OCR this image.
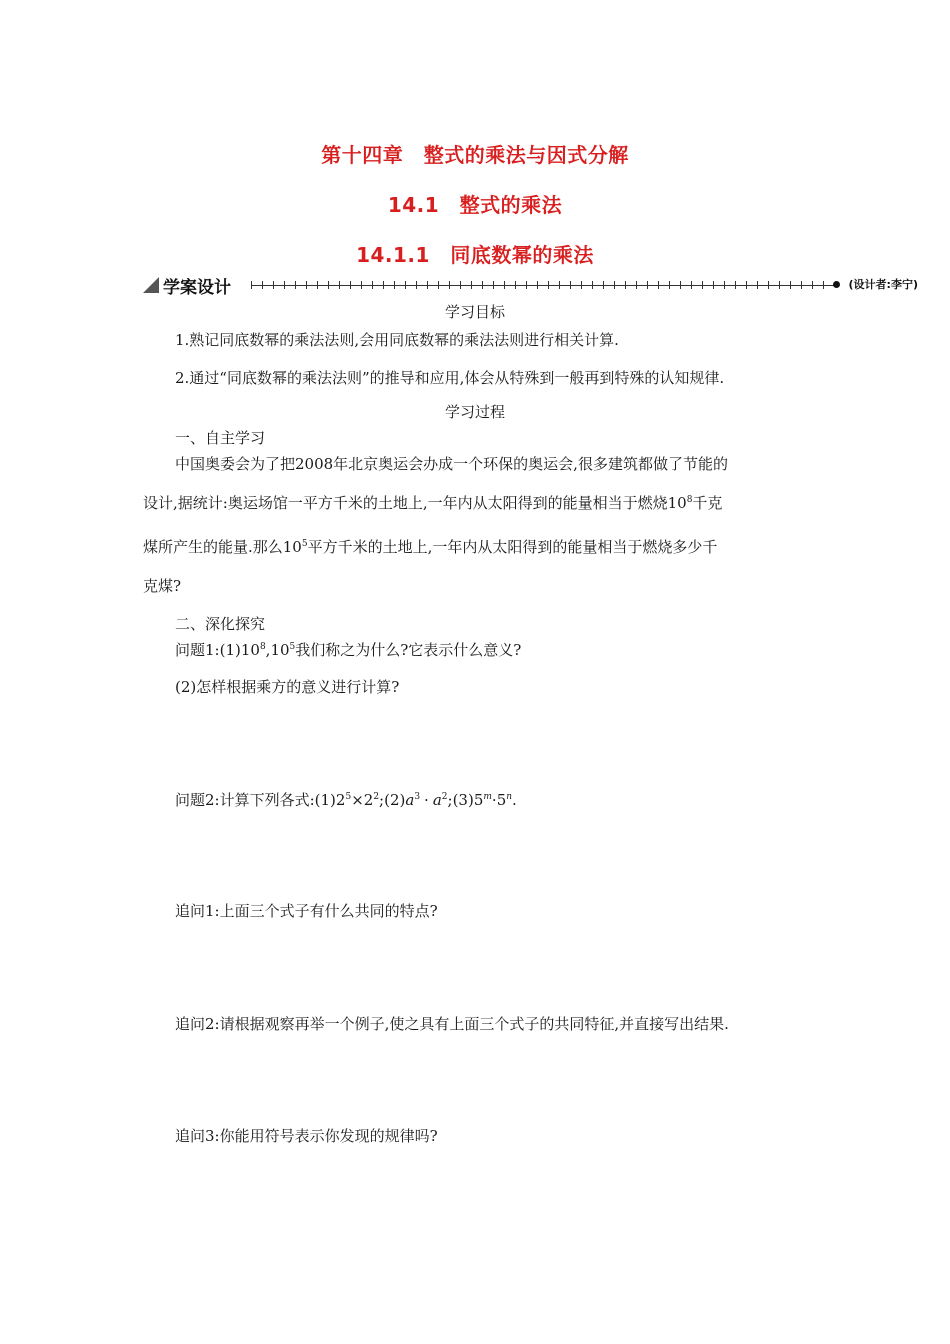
第十四章　整式的乘法与因式分解
14.1　整式的乘法
14.1.1　同底数幂的乘法
学案设计	(设计者:李宁)
学习目标
1.熟记同底数幂的乘法法则,会用同底数幂的乘法法则进行相关计算.
2.通过“同底数幂的乘法法则”的推导和应用,体会从特殊到一般再到特殊的认知规律.
学习过程
一、自主学习
中国奥委会为了把2008年北京奥运会办成一个环保的奥运会,很多建筑都做了节能的
设计,据统计:奥运场馆一平方千米的土地上,一年内从太阳得到的能量相当于燃烧$10^8$千克
煤所产生的能量.那么$10^5$平方千米的土地上,一年内从太阳得到的能量相当于燃烧多少千
克煤?
二、深化探究
问题$1:(1)10^8,10^5$我们称之为什么?它表示什么意义?
(2)怎样根据乘方的意义进行计算?
问题2:计算下列各式$:(1)2^5\times 2^2;(2)a^3$ · $a^2;(3)5^m\cdot 5^n$.
追问1:上面三个式子有什么共同的特点?
追问2:请根据观察再举一个例子,使之具有上面三个式子的共同特征,并直接写出结果.
追问3:你能用符号表示你发现的规律吗?
